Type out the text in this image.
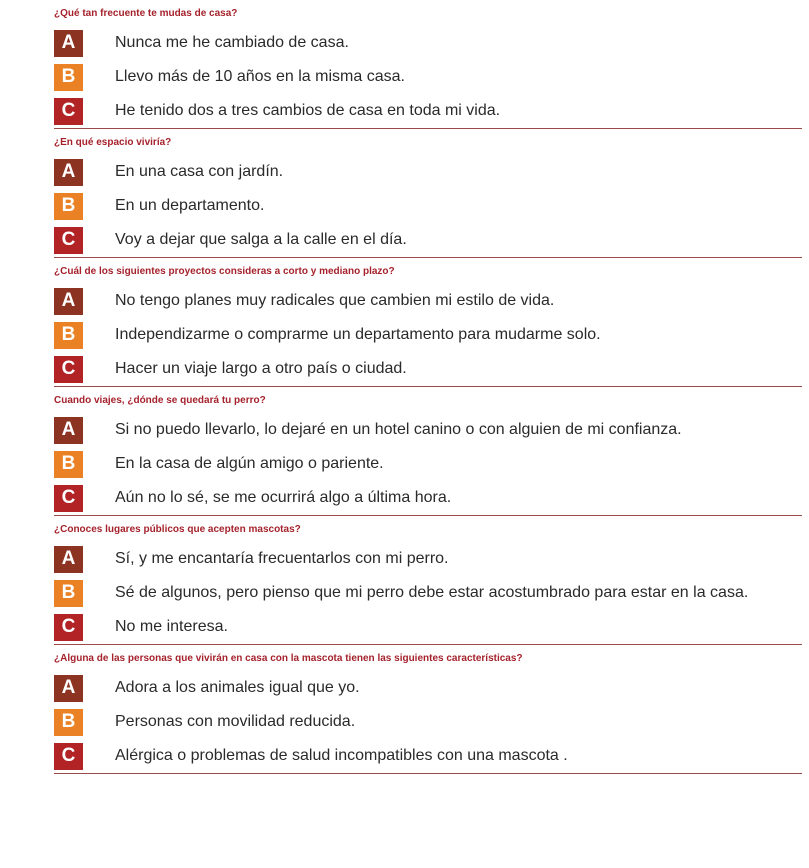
¿Qué tan frecuente te mudas de casa?
A	Nunca me he cambiado de casa.
B	Llevo más de 10 años en la misma casa.
C	He tenido dos a tres cambios de casa en toda mi vida.
¿En qué espacio viviría?
A	En una casa con jardín.
B	En un departamento.
C	Voy a dejar que salga a la calle en el día.
¿Cuál de los siguientes proyectos consideras a corto y mediano plazo?
A	No tengo planes muy radicales que cambien mi estilo de vida.
B	Independizarme o comprarme un departamento para mudarme solo.
C	Hacer un viaje largo a otro país o ciudad.
Cuando viajes, ¿dónde se quedará tu perro?
A	Si no puedo llevarlo, lo dejaré en un hotel canino o con alguien de mi confianza.
B	En la casa de algún amigo o pariente.
C	Aún no lo sé, se me ocurrirá algo a última hora.
¿Conoces lugares públicos que acepten mascotas?
A	Sí, y me encantaría frecuentarlos con mi perro.
B	Sé de algunos, pero pienso que mi perro debe estar acostumbrado para estar en la casa.
C	No me interesa.
¿Alguna de las personas que vivirán en casa con la mascota tienen las siguientes características?
A	Adora a los animales igual que yo.
B	Personas con movilidad reducida.
C	Alérgica o problemas de salud incompatibles con una mascota .
